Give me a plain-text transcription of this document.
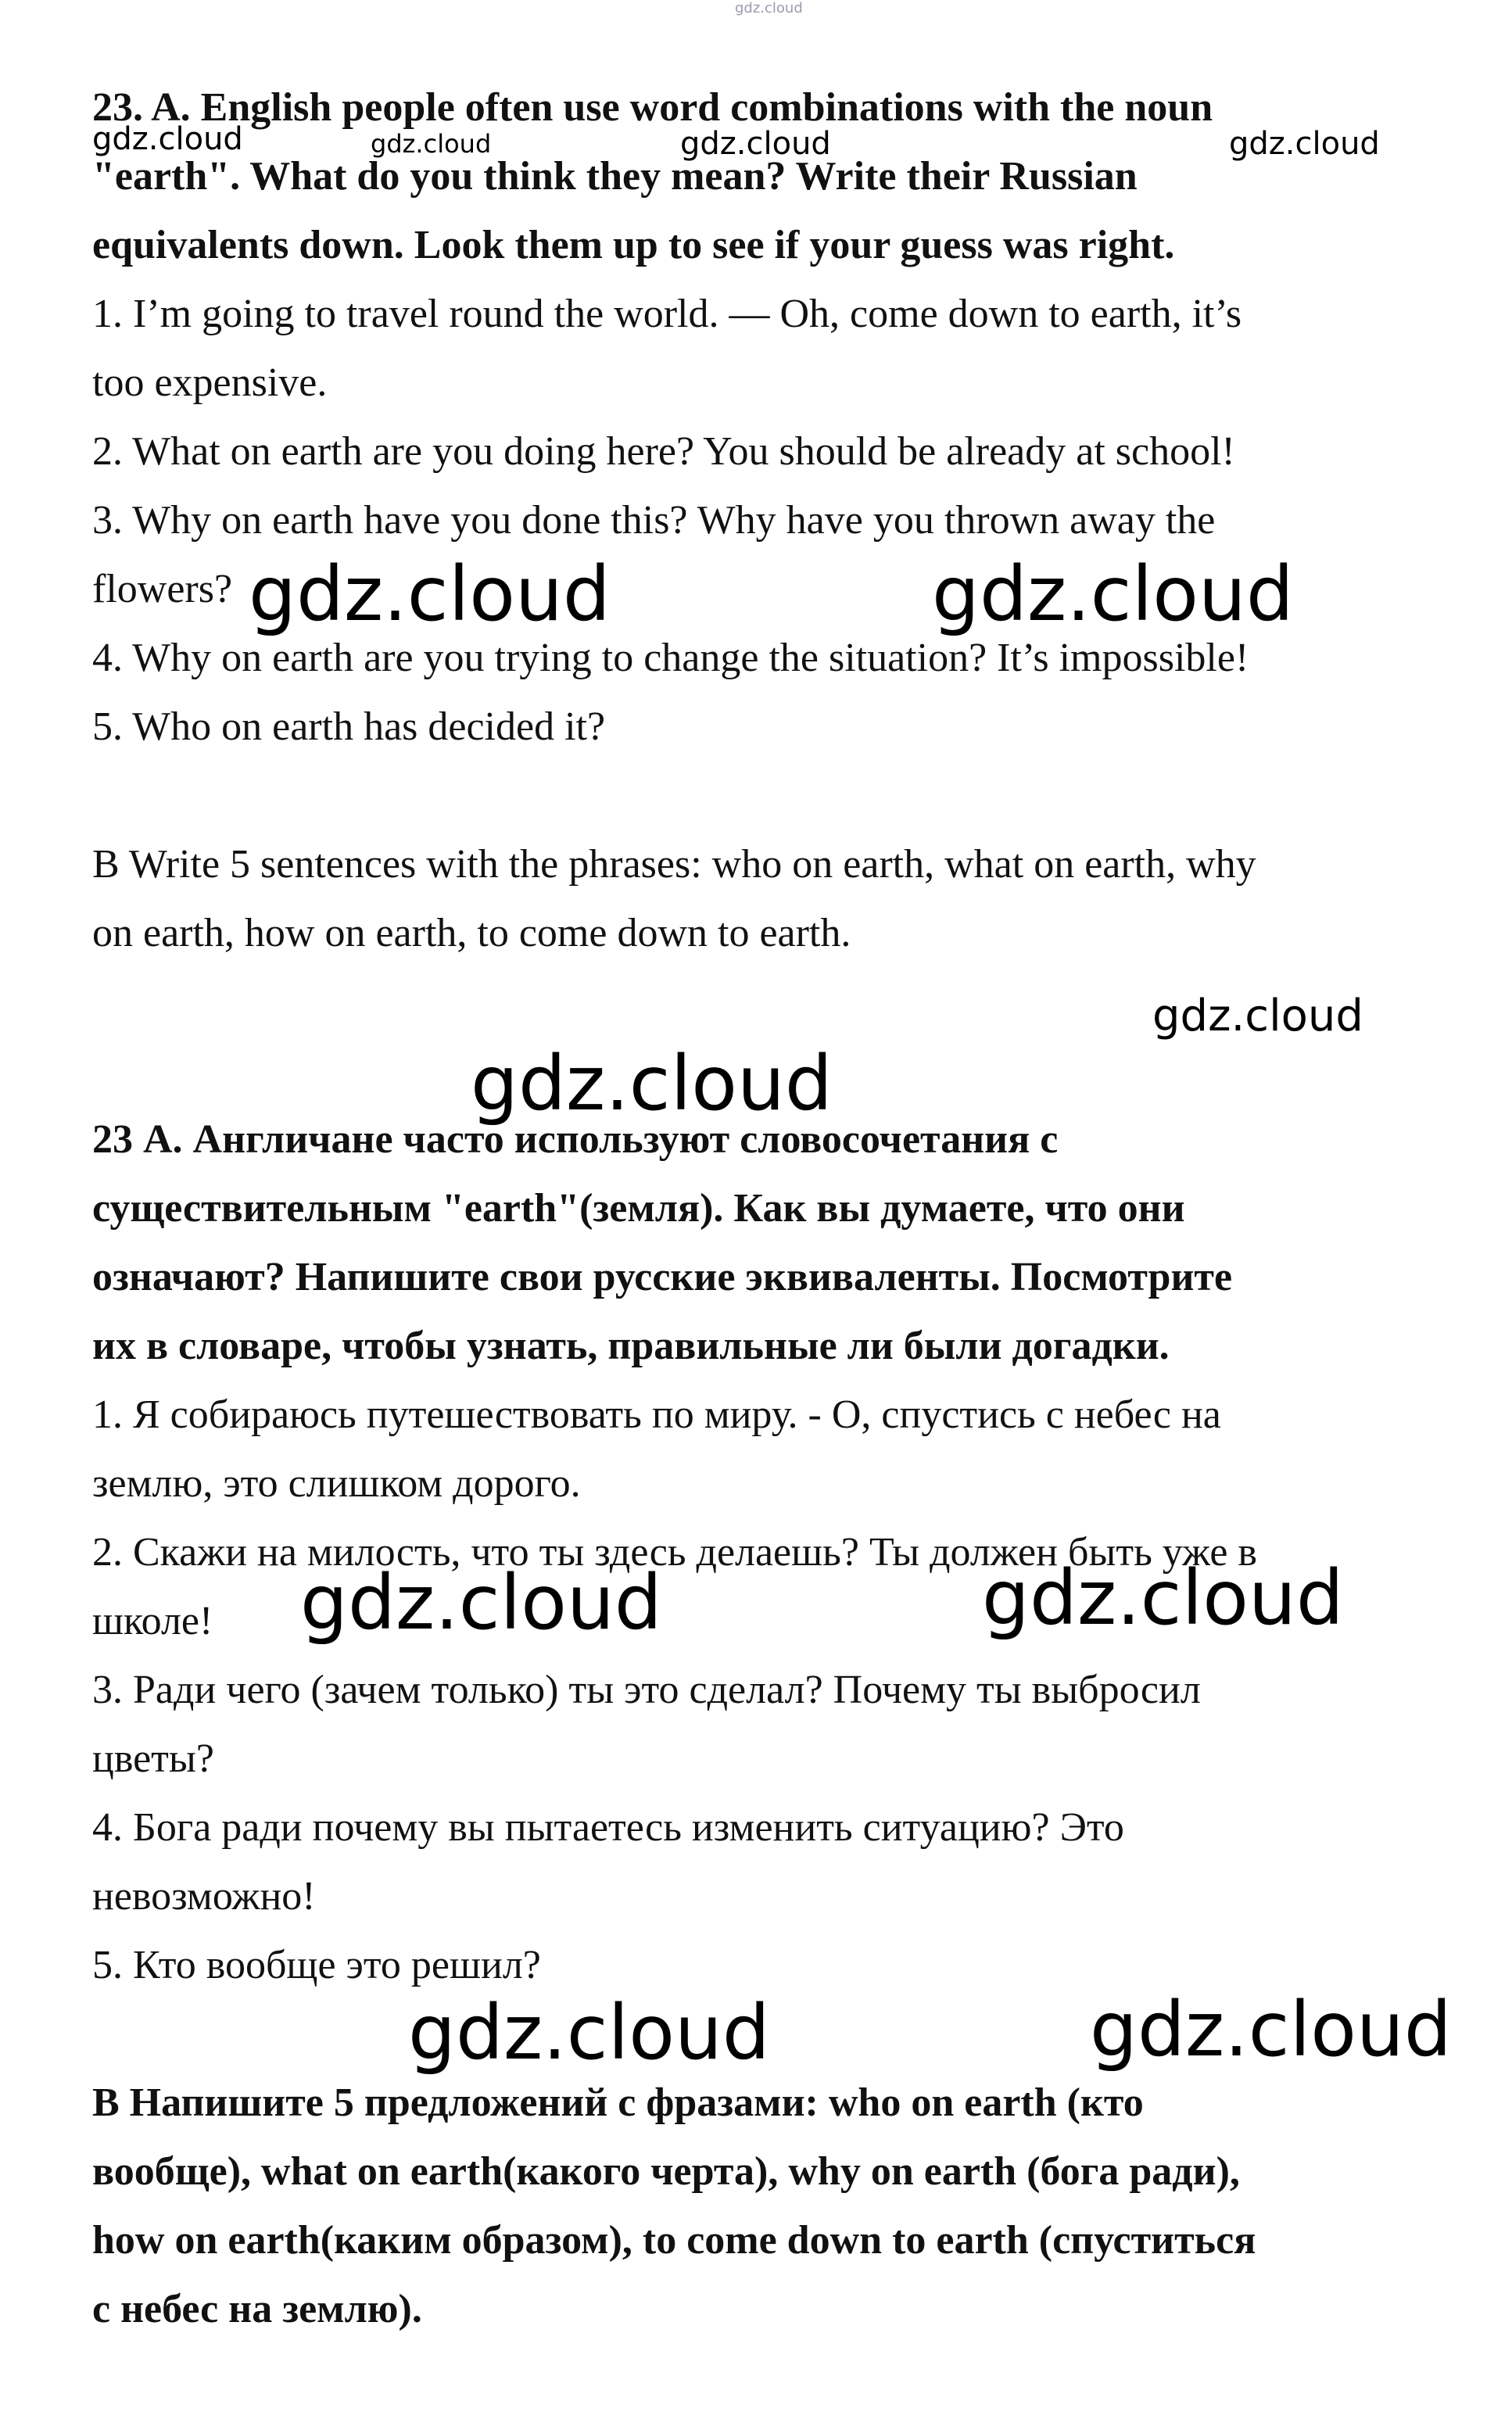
23. A. English people often use word combinations with the noun

"earth". What do you think they mean? Write their Russian

equivalents down. Look them up to see if your guess was right.

1. I’m going to travel round the world. — Oh, come down to earth, it’s

too expensive.

2. What on earth are you doing here? You should be already at school!

3. Why on earth have you done this? Why have you thrown away the

flowers?

4. Why on earth are you trying to change the situation? It’s impossible!

5. Who on earth has decided it?

B Write 5 sentences with the phrases: who on earth, what on earth, why

on earth, how on earth, to come down to earth.

23 А. Англичане часто используют словосочетания с

существительным "earth"(земля). Как вы думаете, что они

означают? Напишите свои русские эквиваленты. Посмотрите

их в словаре, чтобы узнать, правильные ли были догадки.

1. Я собираюсь путешествовать по миру. - О, спустись с небес на

землю, это слишком дорого.

2. Скажи на милость, что ты здесь делаешь? Ты должен быть уже в

школе!

3. Ради чего (зачем только) ты это сделал? Почему ты выбросил

цветы?

4. Бога ради почему вы пытаетесь изменить ситуацию? Это

невозможно!

5. Кто вообще это решил?

В Напишите 5 предложений с фразами: who on earth (кто

вообще), what on earth(какого черта), why on earth (бога ради),

how on earth(каким образом), to come down to earth (спуститься

с небес на землю).

gdz.cloud
gdz.cloud	gdz.cloud	gdz.cloud	gdz.cloud
gdz.cloud	gdz.cloud
gdz.cloud
gdz.cloud
gdz.cloud	gdz.cloud
gdz.cloud	gdz.cloud
